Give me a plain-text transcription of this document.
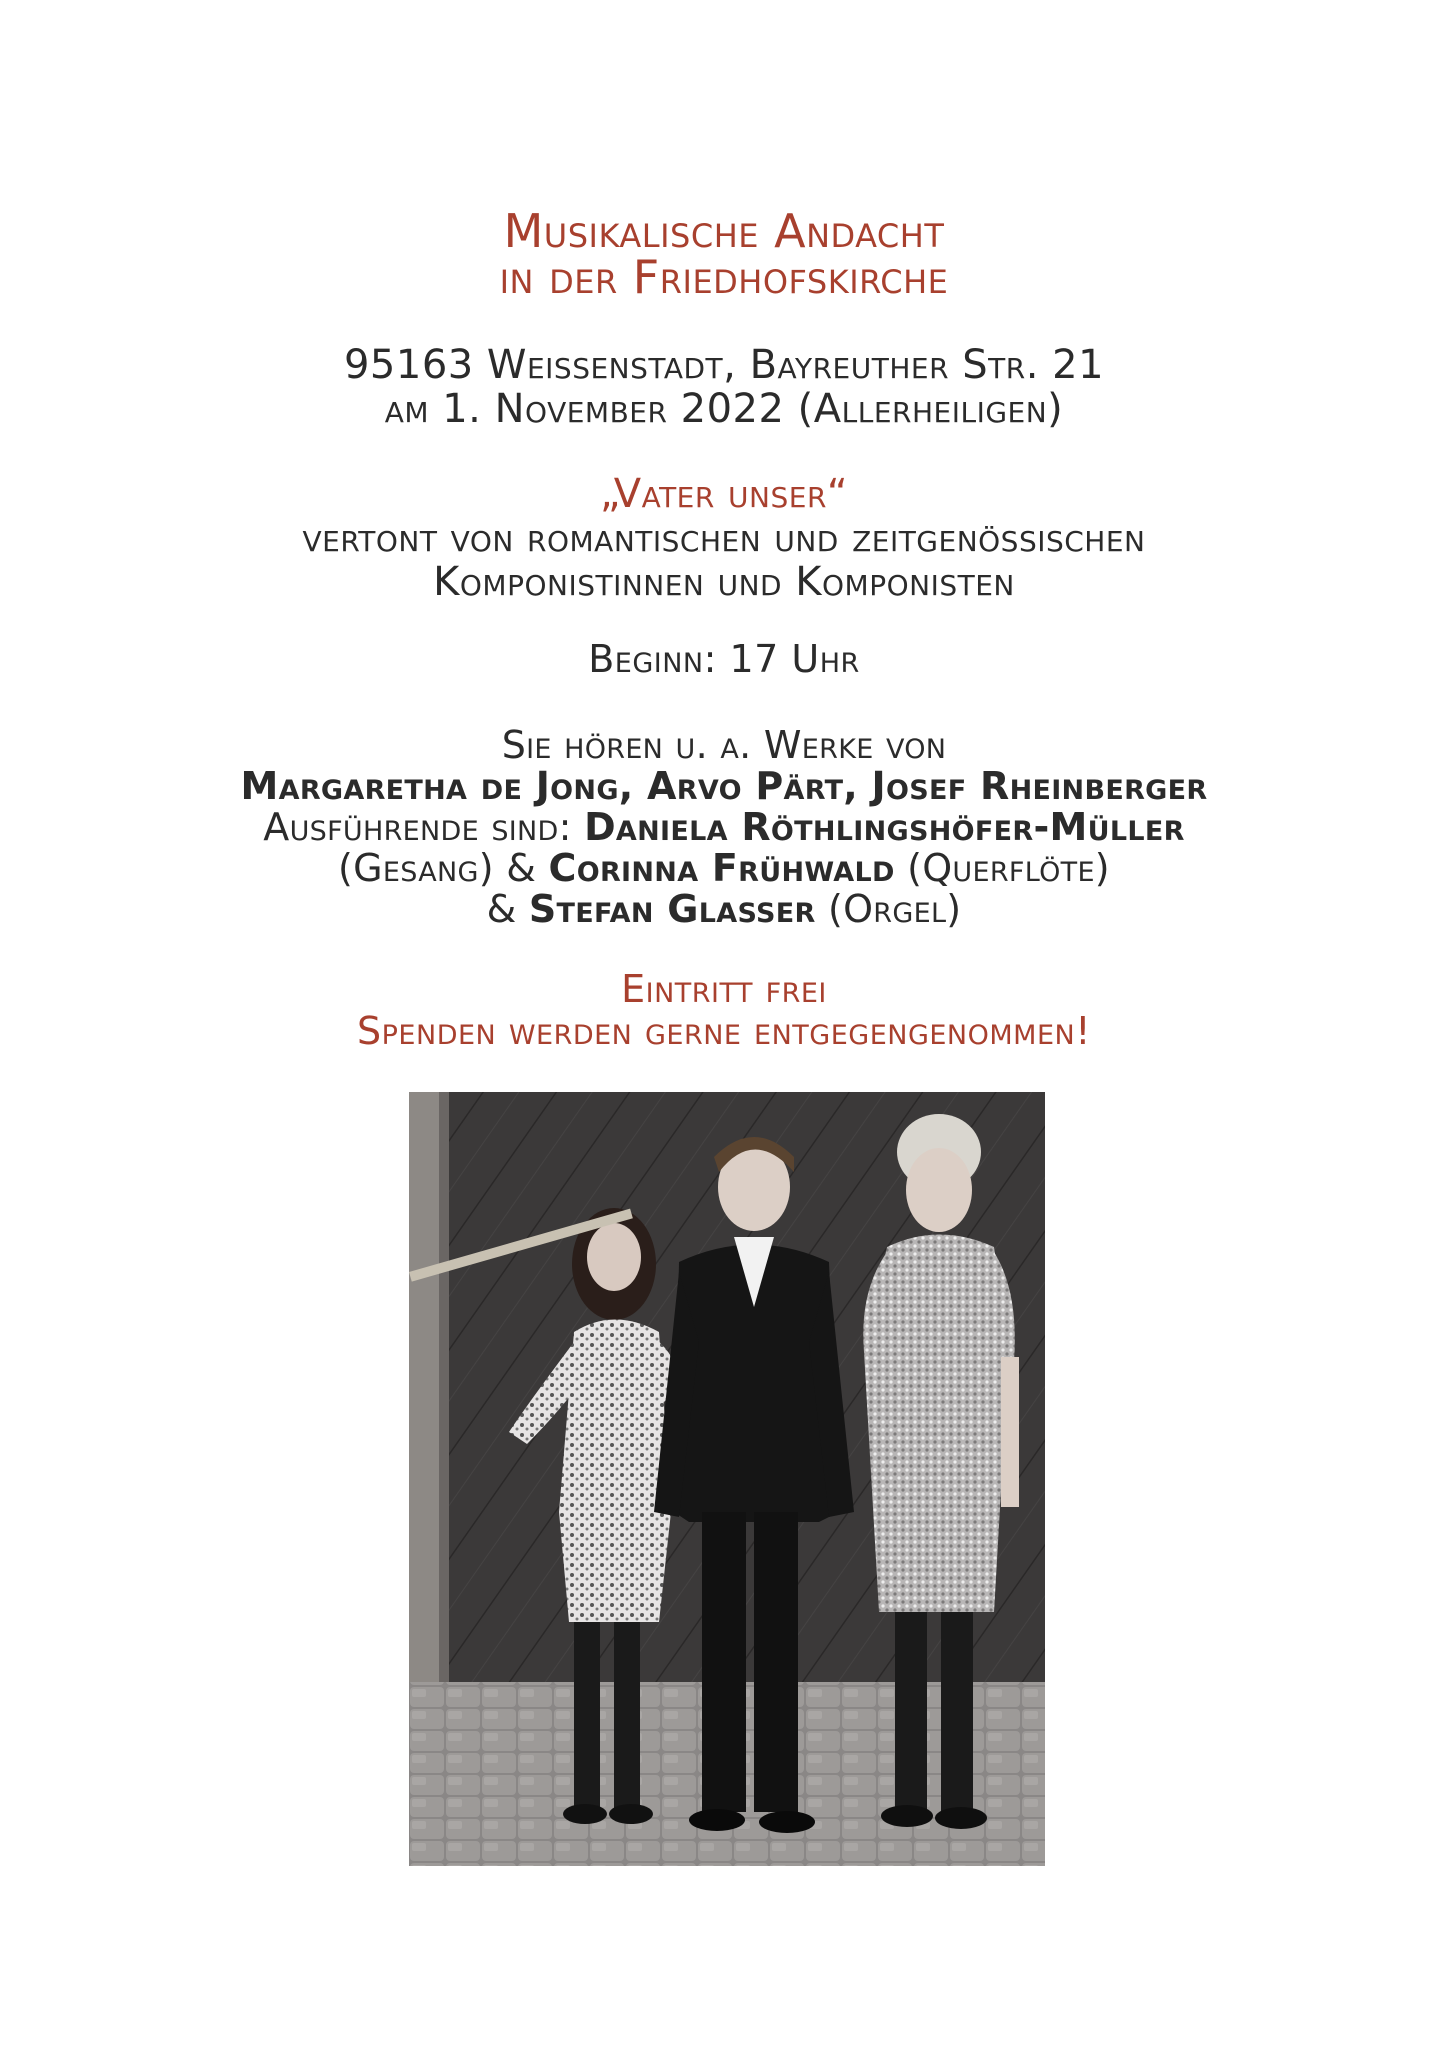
Musikalische Andacht
in der Friedhofskirche
95163 Weissenstadt, Bayreuther Str. 21
am 1. November 2022 (Allerheiligen)
„Vater unser“
vertont von romantischen und zeitgenössischen
Komponistinnen und Komponisten
Beginn: 17 Uhr
Sie hören u. a. Werke von
Margaretha de Jong, Arvo Pärt, Josef Rheinberger
Ausführende sind: Daniela Röthlingshöfer-Müller
(Gesang) & Corinna Frühwald (Querflöte)
& Stefan Glasser (Orgel)
Eintritt frei
Spenden werden gerne entgegengenommen!
